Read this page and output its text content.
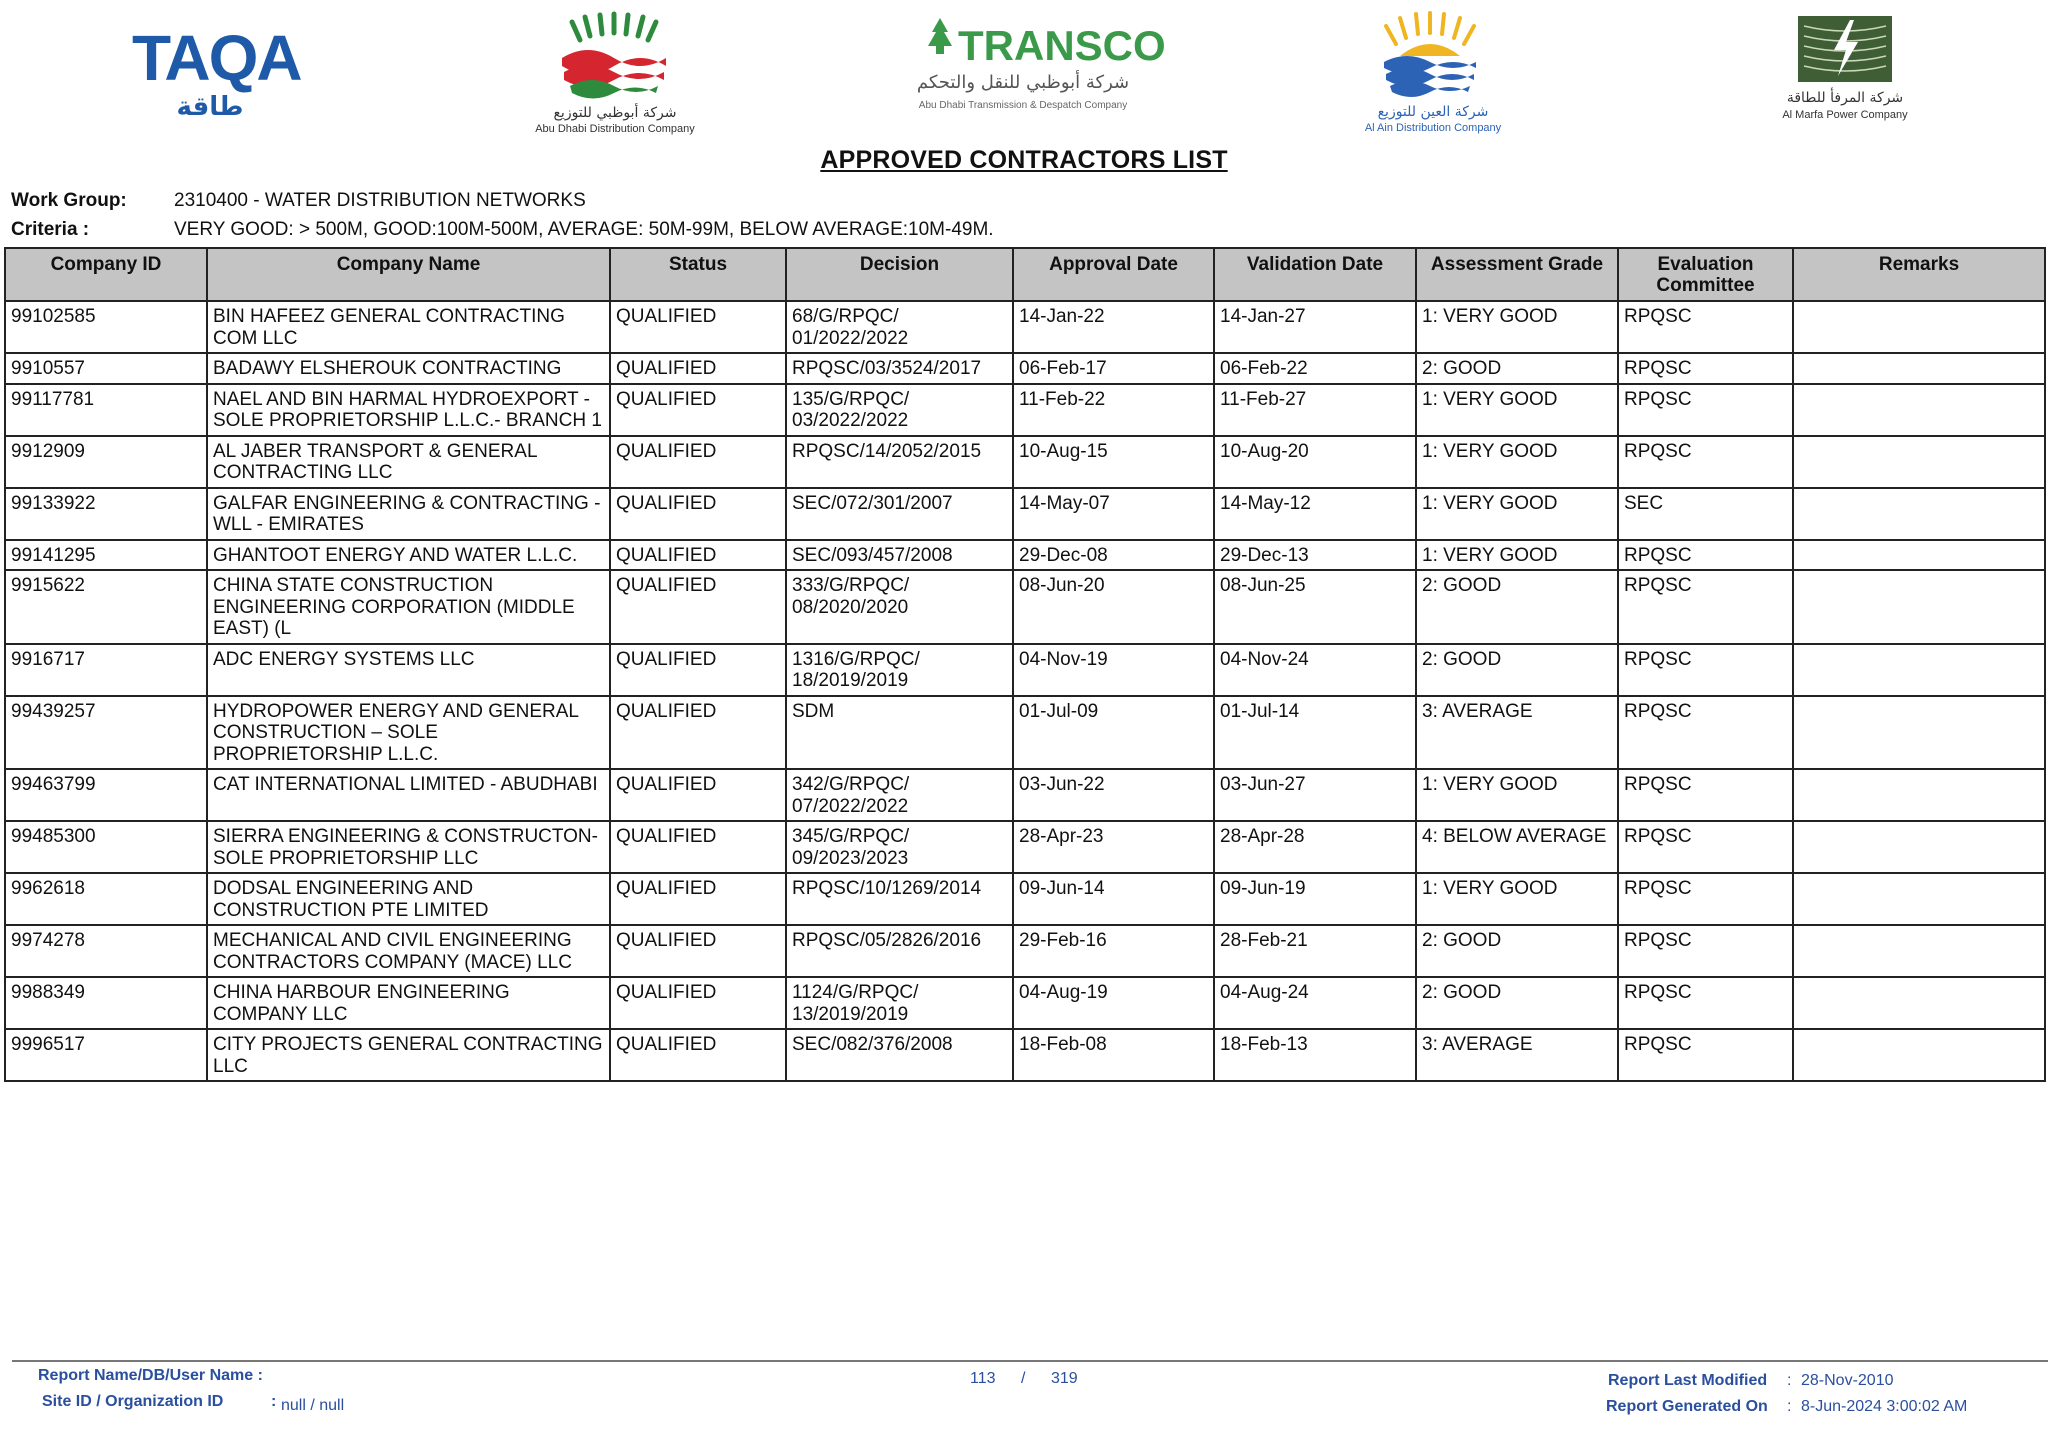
TAQA
طاقة	شركة أبوظبي للتوزيع
Abu Dhabi Distribution Company
TRANSCO
شركة أبوظبي للنقل والتحكم
Abu Dhabi Transmission & Despatch Company	شركة العين للتوزيع
Al Ain Distribution Company
شركة المرفأ للطاقة
Al Marfa Power Company
APPROVED CONTRACTORS LIST
Work Group: 2310400 - WATER DISTRIBUTION NETWORKS
Criteria :	VERY GOOD: > 500M, GOOD:100M-500M, AVERAGE: 50M-99M, BELOW AVERAGE:10M-49M.
Company ID	Company Name	Status	Decision	Approval Date	Validation Date	Assessment Grade	Evaluation Committee	Remarks
99102585	BIN HAFEEZ GENERAL CONTRACTING COM LLC	QUALIFIED	68/G/RPQC/ 01/2022/2022	14-Jan-22	14-Jan-27	1: VERY GOOD	RPQSC	
9910557	BADAWY ELSHEROUK CONTRACTING	QUALIFIED	RPQSC/03/3524/2017	06-Feb-17	06-Feb-22	2: GOOD	RPQSC	
99117781	NAEL AND BIN HARMAL HYDROEXPORT - SOLE PROPRIETORSHIP L.L.C.- BRANCH 1	QUALIFIED	135/G/RPQC/ 03/2022/2022	11-Feb-22	11-Feb-27	1: VERY GOOD	RPQSC	
9912909	AL JABER TRANSPORT & GENERAL CONTRACTING LLC	QUALIFIED	RPQSC/14/2052/2015	10-Aug-15	10-Aug-20	1: VERY GOOD	RPQSC	
99133922	GALFAR ENGINEERING & CONTRACTING - WLL - EMIRATES	QUALIFIED	SEC/072/301/2007	14-May-07	14-May-12	1: VERY GOOD	SEC	
99141295	GHANTOOT ENERGY AND WATER L.L.C.	QUALIFIED	SEC/093/457/2008	29-Dec-08	29-Dec-13	1: VERY GOOD	RPQSC	
9915622	CHINA STATE CONSTRUCTION ENGINEERING CORPORATION (MIDDLE EAST) (L	QUALIFIED	333/G/RPQC/ 08/2020/2020	08-Jun-20	08-Jun-25	2: GOOD	RPQSC	
9916717	ADC ENERGY SYSTEMS LLC	QUALIFIED	1316/G/RPQC/ 18/2019/2019	04-Nov-19	04-Nov-24	2: GOOD	RPQSC	
99439257	HYDROPOWER ENERGY AND GENERAL CONSTRUCTION – SOLE PROPRIETORSHIP L.L.C.	QUALIFIED	SDM	01-Jul-09	01-Jul-14	3: AVERAGE	RPQSC	
99463799	CAT INTERNATIONAL LIMITED - ABUDHABI	QUALIFIED	342/G/RPQC/ 07/2022/2022	03-Jun-22	03-Jun-27	1: VERY GOOD	RPQSC	
99485300	SIERRA ENGINEERING & CONSTRUCTON-SOLE PROPRIETORSHIP LLC	QUALIFIED	345/G/RPQC/ 09/2023/2023	28-Apr-23	28-Apr-28	4: BELOW AVERAGE	RPQSC	
9962618	DODSAL ENGINEERING AND CONSTRUCTION PTE LIMITED	QUALIFIED	RPQSC/10/1269/2014	09-Jun-14	09-Jun-19	1: VERY GOOD	RPQSC	
9974278	MECHANICAL AND CIVIL ENGINEERING CONTRACTORS COMPANY (MACE) LLC	QUALIFIED	RPQSC/05/2826/2016	29-Feb-16	28-Feb-21	2: GOOD	RPQSC	
9988349	CHINA HARBOUR ENGINEERING COMPANY LLC	QUALIFIED	1124/G/RPQC/ 13/2019/2019	04-Aug-19	04-Aug-24	2: GOOD	RPQSC	
9996517	CITY PROJECTS GENERAL CONTRACTING LLC	QUALIFIED	SEC/082/376/2008	18-Feb-08	18-Feb-13	3: AVERAGE	RPQSC	
Report Name/DB/User Name :
Site ID / Organization ID	: null / null
113 / 319	Report Last Modified : 28-Nov-2010
Report Generated On : 8-Jun-2024 3:00:02 AM
